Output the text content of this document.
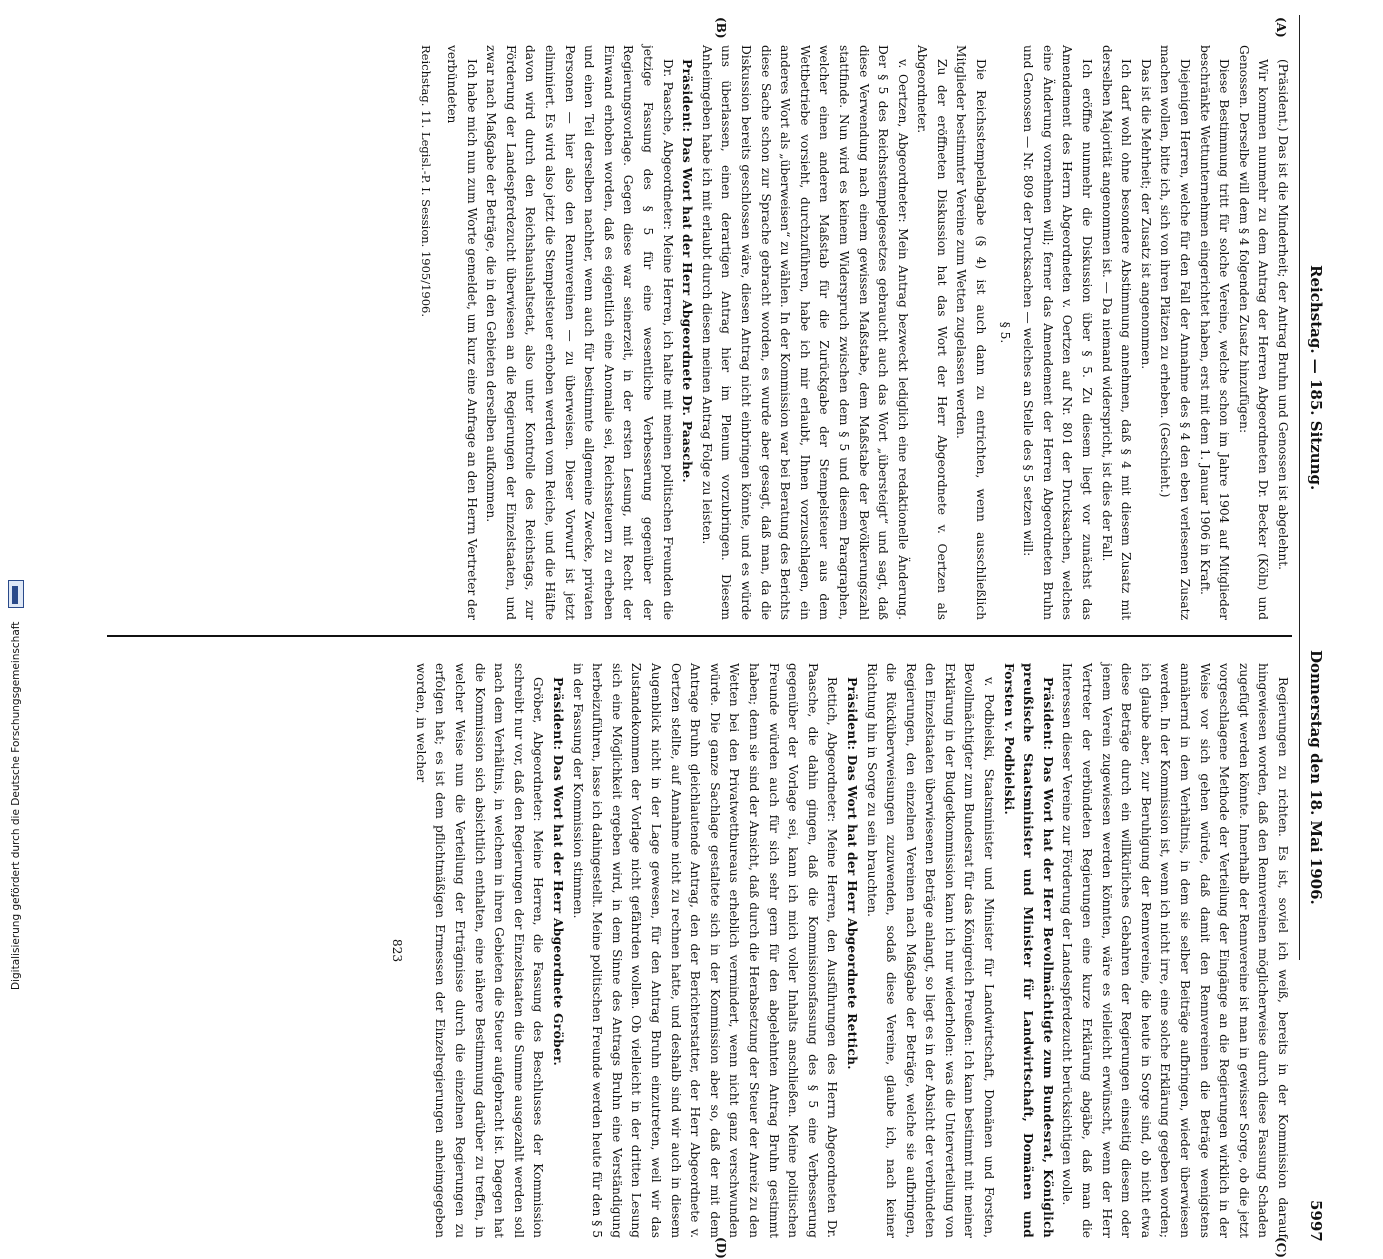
Reichstag. — 185. Sitzung.
Donnerstag den 18. Mai 1906.
5997
(A)
(B)
(C)
(D)

(Präsident.) Das ist die Minderheit; der Antrag Bruhn und Genossen ist abgelehnt.

Wir kommen nunmehr zu dem Antrag der Herren Abgeordneten Dr. Becker (Köln) und Genossen. Derselbe will dem § 4 folgenden Zusatz hinzufügen:

Diese Bestimmung tritt für solche Vereine, welche schon im Jahre 1904 auf Mitglieder beschränkte Wettunternehmen eingerichtet haben, erst mit dem 1. Januar 1906 in Kraft.

Diejenigen Herren, welche für den Fall der Annahme des § 4 den eben verlesenen Zusatz machen wollen, bitte ich, sich von ihren Plätzen zu erheben. (Geschieht.)

Das ist die Mehrheit; der Zusatz ist angenommen.

Ich darf wohl ohne besondere Abstimmung annehmen, daß § 4 mit diesem Zusatz mit derselben Majorität angenommen ist. — Da niemand widerspricht, ist dies der Fall.

Ich eröffne nunmehr die Diskussion über § 5. Zu diesem liegt vor zunächst das Amendement des Herrn Abgeordneten v. Oertzen auf Nr. 801 der Drucksachen, welches eine Änderung vornehmen will; ferner das Amendement der Herren Abgeordneten Bruhn und Genossen — Nr. 809 der Drucksachen — welches an Stelle des § 5 setzen will:

§ 5.

Die Reichsstempelabgabe (§ 4) ist auch dann zu entrichten, wenn ausschließlich Mitglieder bestimmter Vereine zum Wetten zugelassen werden.

Zu der eröffneten Diskussion hat das Wort der Herr Abgeordnete v. Oertzen als Abgeordneter.

v. Oertzen, Abgeordneter: Mein Antrag bezweckt lediglich eine redaktionelle Änderung. Der § 5 des Reichsstempelgesetzes gebraucht auch das Wort „übersteigt“ und sagt, daß diese Verwendung nach einem gewissen Maßstabe, dem Maßstabe der Bevölkerungszahl stattfinde. Nun wird es keinem Widerspruch zwischen dem § 5 und diesem Paragraphen, welcher einen anderen Maßstab für die Zurückgabe der Stempelsteuer aus dem Wettbetriebe vorsieht, durchzuführen, habe ich mir erlaubt, Ihnen vorzuschlagen, ein anderes Wort als „überweisen“ zu wählen. In der Kommission war bei Beratung des Berichts diese Sache schon zur Sprache gebracht worden, es wurde aber gesagt, daß man, da die Diskussion bereits geschlossen wäre, diesen Antrag nicht einbringen könnte, und es würde uns überlassen, einen derartigen Antrag hier im Plenum vorzubringen. Diesem Anheimgeben habe ich mit erlaubt durch diesen meinen Antrag Folge zu leisten.

Präsident: Das Wort hat der Herr Abgeordnete Dr. Paasche.

Dr. Paasche, Abgeordneter: Meine Herren, ich halte mit meinen politischen Freunden die jetzige Fassung des § 5 für eine wesentliche Verbesserung gegenüber der Regierungsvorlage. Gegen diese war seinerzeit, in der ersten Lesung, mit Recht der Einwand erhoben worden, daß es eigentlich eine Anomalie sei, Reichssteuern zu erheben und einen Teil derselben nachher, wenn auch für bestimmte allgemeine Zwecke, privaten Personen — hier also den Rennvereinen — zu überweisen. Dieser Vorwurf ist jetzt eliminiert. Es wird also jetzt die Stempelsteuer erhoben werden vom Reiche, und die Hälfte davon wird durch den Reichshaushaltsetat, also unter Kontrolle des Reichstags, zur Förderung der Landespferdezucht überwiesen an die Regierungen der Einzelstaaten, und zwar nach Maßgabe der Beträge, die in den Gebieten derselben aufkommen.

Ich habe mich nun zum Worte gemeldet, um kurz eine Anfrage an den Herrn Vertreter der verbündeten

Reichstag. 11. Legisl.-P. I. Session. 1905/1906.

Regierungen zu richten. Es ist, soviel ich weiß, bereits in der Kommission darauf hingewiesen worden, daß den Rennvereinen möglicherweise durch diese Fassung Schaden zugefügt werden könnte. Innerhalb der Rennvereine ist man in gewisser Sorge, ob die jetzt vorgeschlagene Methode der Verteilung der Eingänge an die Regierungen wirklich in der Weise vor sich gehen würde, daß damit den Rennvereinen die Beträge wenigstens annähernd in dem Verhältnis, in dem sie selber Beiträge aufbringen, wieder überwiesen werden. In der Kommission ist, wenn ich nicht irre, eine solche Erklärung gegeben worden; ich glaube aber, zur Beruhigung der Rennvereine, die heute in Sorge sind, ob nicht etwa diese Beträge durch ein willkürliches Gebahren der Regierungen einseitig diesem oder jenem Verein zugewiesen werden könnten, wäre es vielleicht erwünscht, wenn der Herr Vertreter der verbündeten Regierungen eine kurze Erklärung abgäbe, daß man die Interessen dieser Vereine zur Förderung der Landespferdezucht berücksichtigen wolle.

Präsident: Das Wort hat der Herr Bevollmächtigte zum Bundesrat, Königlich preußische Staatsminister und Minister für Landwirtschaft, Domänen und Forsten v. Podbielski.

v. Podbielski, Staatsminister und Minister für Landwirtschaft, Domänen und Forsten, Bevollmächtigter zum Bundesrat für das Königreich Preußen: Ich kann bestimmt mit meiner Erklärung in der Budgetkommission kann ich nur wiederholen: was die Unterverteilung von den Einzelstaaten überwiesenen Beträge anlangt, so liegt es in der Absicht der verbündeten Regierungen, den einzelnen Vereinen nach Maßgabe der Beträge, welche sie aufbringen, die Rückübervweisungen zuzuwenden, sodaß diese Vereine, glaube ich, nach keiner Richtung hin in Sorge zu sein brauchten.

Präsident: Das Wort hat der Herr Abgeordnete Rettich.

Rettich, Abgeordneter: Meine Herren, den Ausführungen des Herrn Abgeordneten Dr. Paasche, die dahin gingen, daß die Kommissionsfassung des § 5 eine Verbesserung gegenüber der Vorlage sei, kann ich mich voller Inhalts anschließen. Meine politischen Freunde würden auch für sich sehr gern für den abgelehnten Antrag Bruhn gestimmt haben; denn sie sind der Ansicht, daß durch die Herabsetzung der Steuer der Anreiz zu den Wetten bei den Privatwettbureaus erheblich vermindert, wenn nicht ganz verschwunden würde. Die ganze Sachlage gestaltete sich in der Kommission aber so, daß der mit dem Antrage Bruhn gleichlautende Antrag, den der Berichterstatter, der Herr Abgeordnete v. Oertzen stellte, auf Annahme nicht zu rechnen hatte, und deshalb sind wir auch in diesem Augenblick nicht in der Lage gewesen, für den Antrag Bruhn einzutreten, weil wir das Zustandekommen der Vorlage nicht gefährden wollen. Ob vielleicht in der dritten Lesung sich eine Möglichkeit ergeben wird, in dem Sinne des Antrags Bruhn eine Verständigung herbeizuführen, lasse ich dahingestellt. Meine politischen Freunde werden heute für den § 5 in der Fassung der Kommission stimmen.

Präsident: Das Wort hat der Herr Abgeordnete Gröber.

Gröber, Abgeordneter: Meine Herren, die Fassung des Beschlusses der Kommission schreibt nur vor, daß den Regierungen der Einzelstaaten die Summe ausgezahlt werden soll nach dem Verhältnis, in welchem in ihren Gebieten die Steuer aufgebracht ist. Dagegen hat die Kommission sich absichtlich enthalten, eine nähere Bestimmung darüber zu treffen, in welcher Weise nun die Verteilung der Erträgnisse durch die einzelnen Regierungen zu erfolgen hat; es ist dem pflichtmäßigen Ermessen der Einzelregierungen anheimgegeben worden, in welcher

823

Digitalisierung gefördert durch die Deutsche Forschungsgemeinschaft
